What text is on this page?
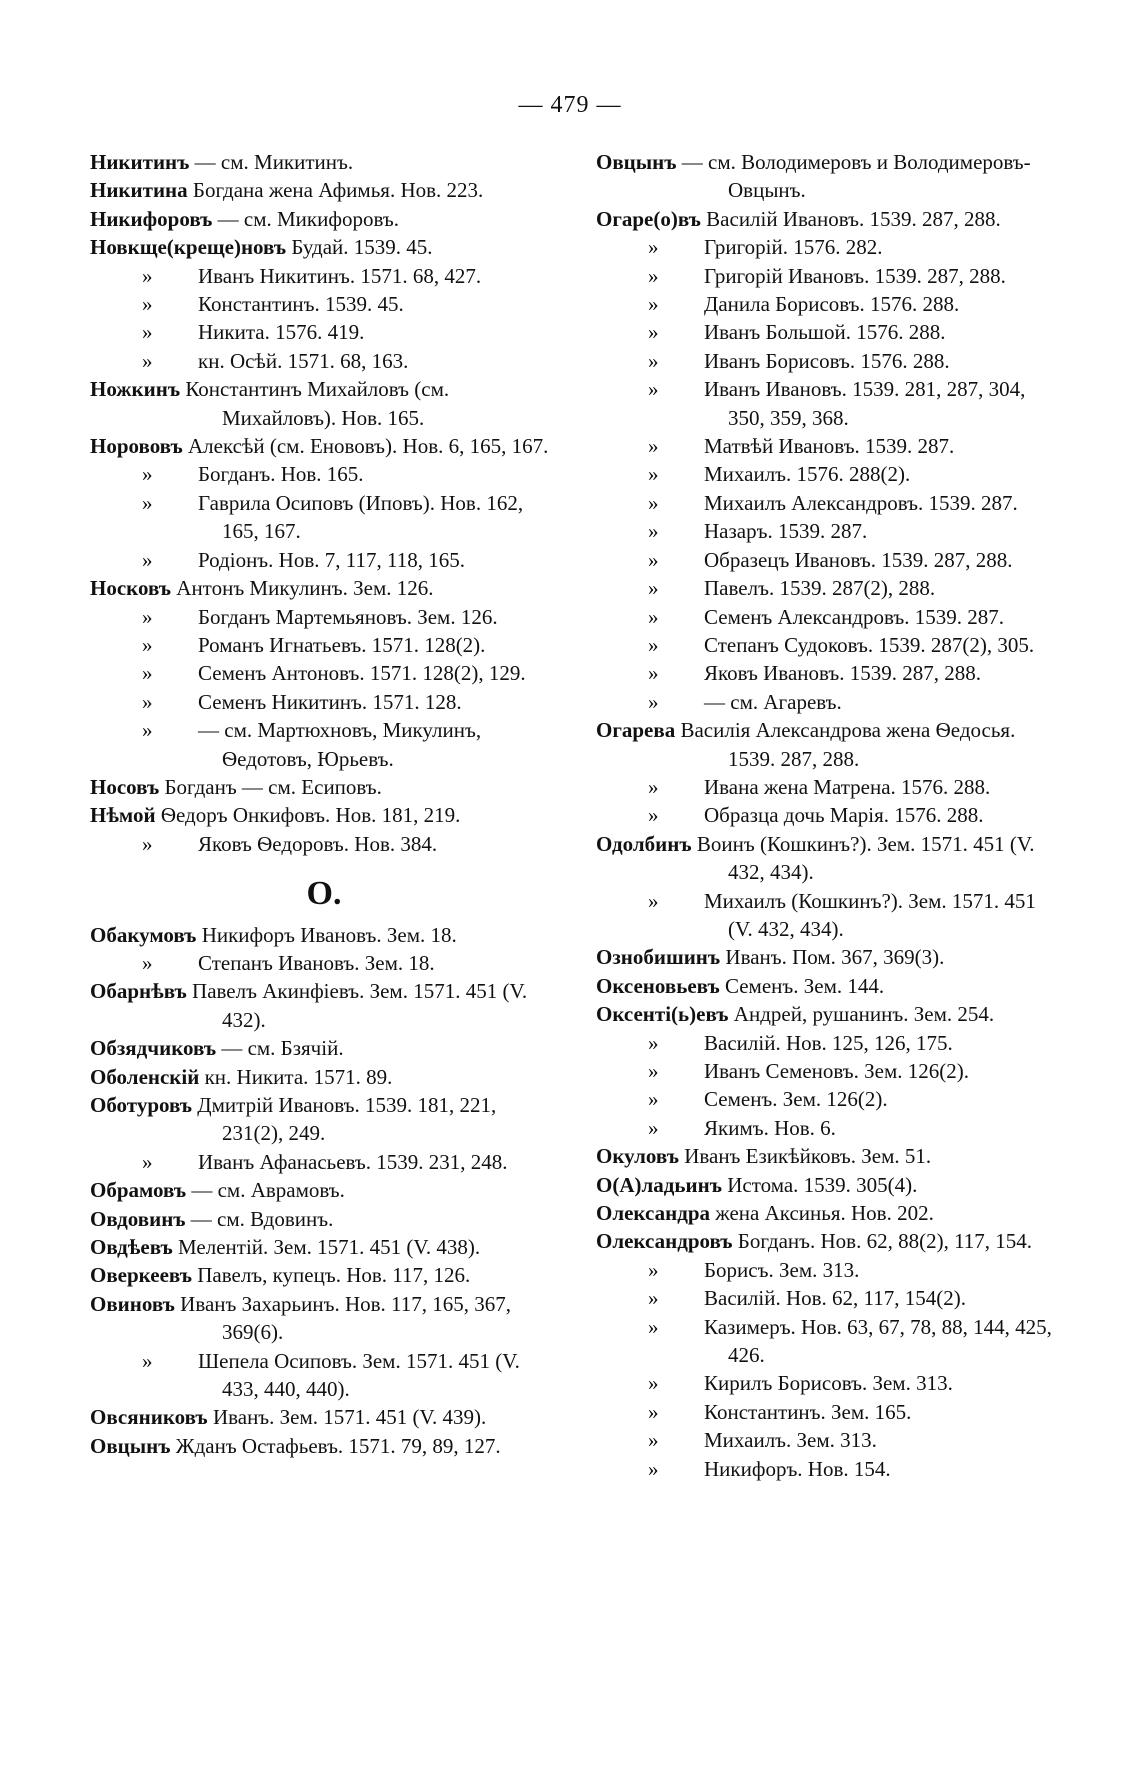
— 479 —
Никитинъ — см. Микитинъ.
Никитина Богдана жена Афимья. Нов. 223.
Никифоровъ — см. Микифоровъ.
Новкще(креще)новъ Будай. 1539. 45.
» Иванъ Никитинъ. 1571. 68, 427.
» Константинъ. 1539. 45.
» Никита. 1576. 419.
» кн. Осѣй. 1571. 68, 163.
Ножкинъ Константинъ Михайловъ (см. Михайловъ). Нов. 165.
Норововъ Алексѣй (см. Енововъ). Нов. 6, 165, 167.
» Богданъ. Нов. 165.
» Гаврила Осиповъ (Иповъ). Нов. 162, 165, 167.
» Родіонъ. Нов. 7, 117, 118, 165.
Носковъ Антонъ Микулинъ. Зем. 126.
» Богданъ Мартемьяновъ. Зем. 126.
» Романъ Игнатьевъ. 1571. 128(2).
» Семенъ Антоновъ. 1571. 128(2), 129.
» Семенъ Никитинъ. 1571. 128.
» — см. Мартюхновъ, Микулинъ, Ѳедотовъ, Юрьевъ.
Носовъ Богданъ — см. Есиповъ.
Нѣмой Ѳедоръ Онкифовъ. Нов. 181, 219.
» Яковъ Ѳедоровъ. Нов. 384.
О.
Обакумовъ Никифоръ Ивановъ. Зем. 18.
» Степанъ Ивановъ. Зем. 18.
Обарнѣвъ Павелъ Акинфіевъ. Зем. 1571. 451 (V. 432).
Обзядчиковъ — см. Бзячій.
Оболенскій кн. Никита. 1571. 89.
Оботуровъ Дмитрій Ивановъ. 1539. 181, 221, 231(2), 249.
» Иванъ Афанасьевъ. 1539. 231, 248.
Обрамовъ — см. Аврамовъ.
Овдовинъ — см. Вдовинъ.
Овдѣевъ Мелентій. Зем. 1571. 451 (V. 438).
Оверкеевъ Павелъ, купецъ. Нов. 117, 126.
Овиновъ Иванъ Захарьинъ. Нов. 117, 165, 367, 369(6).
» Шепела Осиповъ. Зем. 1571. 451 (V. 433, 440, 440).
Овсяниковъ Иванъ. Зем. 1571. 451 (V. 439).
Овцынъ Жданъ Остафьевъ. 1571. 79, 89, 127.
Овцынъ — см. Володимеровъ и Володимеровъ-Овцынъ.
Огаре(о)въ Василій Ивановъ. 1539. 287, 288.
» Григорій. 1576. 282.
» Григорій Ивановъ. 1539. 287, 288.
» Данила Борисовъ. 1576. 288.
» Иванъ Большой. 1576. 288.
» Иванъ Борисовъ. 1576. 288.
» Иванъ Ивановъ. 1539. 281, 287, 304, 350, 359, 368.
» Матвѣй Ивановъ. 1539. 287.
» Михаилъ. 1576. 288(2).
» Михаилъ Александровъ. 1539. 287.
» Назаръ. 1539. 287.
» Образецъ Ивановъ. 1539. 287, 288.
» Павелъ. 1539. 287(2), 288.
» Семенъ Александровъ. 1539. 287.
» Степанъ Судоковъ. 1539. 287(2), 305.
» Яковъ Ивановъ. 1539. 287, 288.
» — см. Агаревъ.
Огарева Василія Александрова жена Ѳедосья. 1539. 287, 288.
» Ивана жена Матрена. 1576. 288.
» Образца дочь Марія. 1576. 288.
Одолбинъ Воинъ (Кошкинъ?). Зем. 1571. 451 (V. 432, 434).
» Михаилъ (Кошкинъ?). Зем. 1571. 451 (V. 432, 434).
Ознобишинъ Иванъ. Пом. 367, 369(3).
Оксеновьевъ Семенъ. Зем. 144.
Оксенті(ь)евъ Андрей, рушанинъ. Зем. 254.
» Василій. Нов. 125, 126, 175.
» Иванъ Семеновъ. Зем. 126(2).
» Семенъ. Зем. 126(2).
» Якимъ. Нов. 6.
Окуловъ Иванъ Езикѣйковъ. Зем. 51.
О(А)ладьинъ Истома. 1539. 305(4).
Олександра жена Аксинья. Нов. 202.
Олександровъ Богданъ. Нов. 62, 88(2), 117, 154.
» Борисъ. Зем. 313.
» Василій. Нов. 62, 117, 154(2).
» Казимеръ. Нов. 63, 67, 78, 88, 144, 425, 426.
» Кирилъ Борисовъ. Зем. 313.
» Константинъ. Зем. 165.
» Михаилъ. Зем. 313.
» Никифоръ. Нов. 154.
